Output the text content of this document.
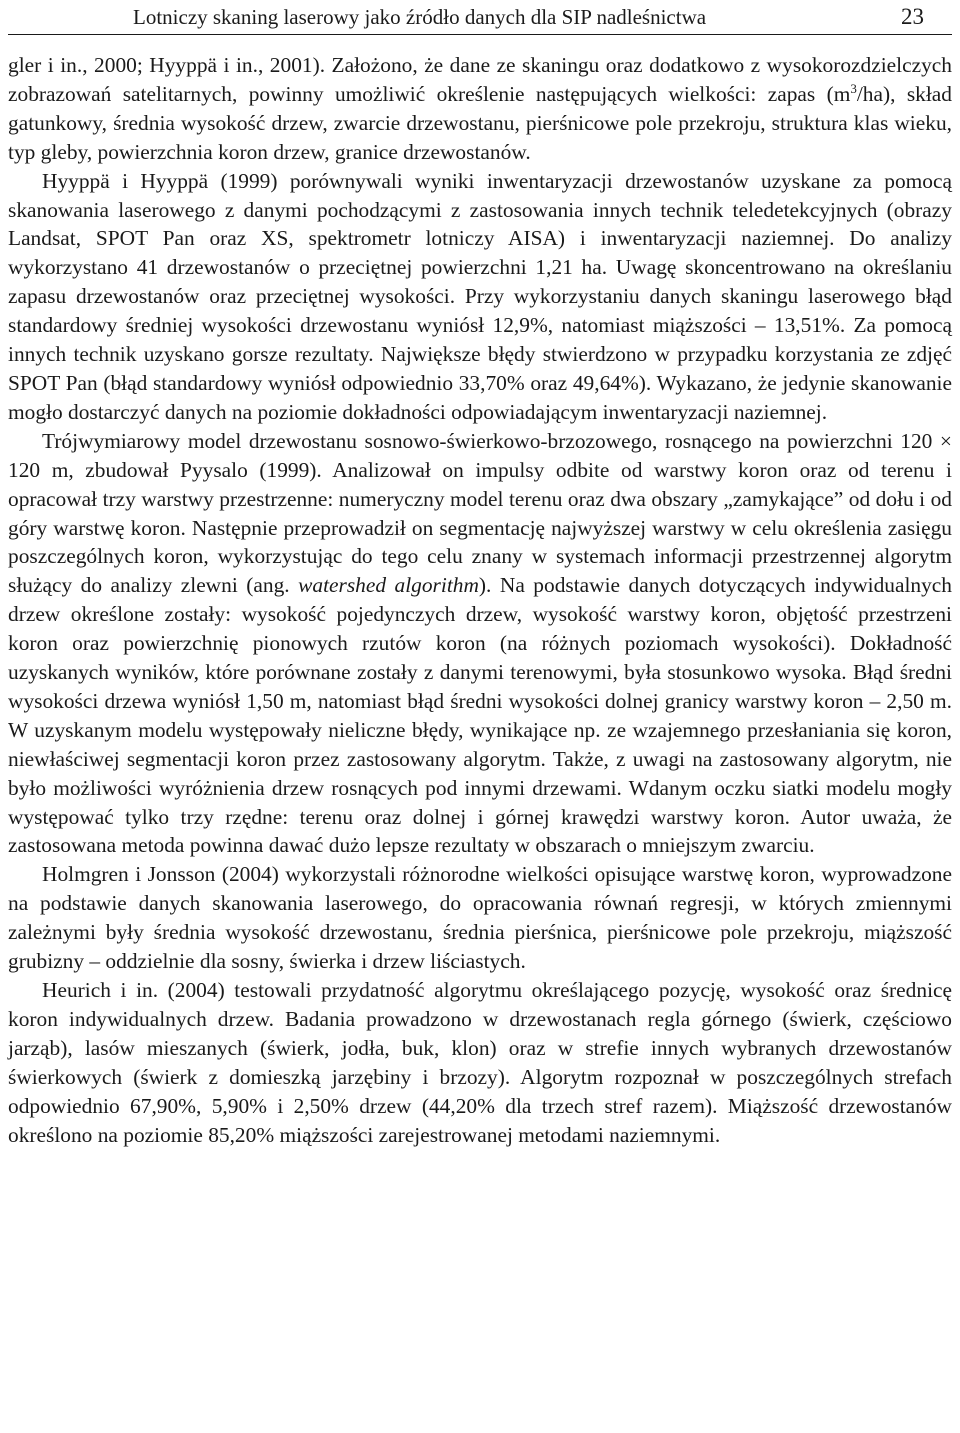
Lotniczy skaning laserowy jako źródło danych dla SIP nadleśnictwa	23

gler i in., 2000; Hyyppä i in., 2001). Założono, że dane ze skaningu oraz dodatkowo z wysokorozdzielczych zobrazowań satelitarnych, powinny umożliwić określenie następujących wielkości: zapas $(m^3/ha)$, skład gatunkowy, średnia wysokość drzew, zwarcie drzewostanu, pierśnicowe pole przekroju, struktura klas wieku, typ gleby, powierzchnia koron drzew, granice drzewostanów.

Hyyppä i Hyyppä (1999) porównywali wyniki inwentaryzacji drzewostanów uzyskane za pomocą skanowania laserowego z danymi pochodzącymi z zastosowania innych technik teledetekcyjnych (obrazy Landsat, SPOT Pan oraz XS, spektrometr lotniczy AISA) i inwentaryzacji naziemnej. Do analizy wykorzystano 41 drzewostanów o przeciętnej powierzchni 1,21 ha. Uwagę skoncentrowano na określaniu zapasu drzewostanów oraz przeciętnej wysokości. Przy wykorzystaniu danych skaningu laserowego błąd standardowy średniej wysokości drzewostanu wyniósł 12,9%, natomiast miąższości – 13,51%. Za pomocą innych technik uzyskano gorsze rezultaty. Największe błędy stwierdzono w przypadku korzystania ze zdjęć SPOT Pan (błąd standardowy wyniósł odpowiednio 33,70% oraz 49,64%). Wykazano, że jedynie skanowanie mogło dostarczyć danych na poziomie dokładności odpowiadającym inwentaryzacji naziemnej.

Trójwymiarowy model drzewostanu sosnowo-świerkowo-brzozowego, rosnącego na powierzchni 120 × 120 m, zbudował Pyysalo (1999). Analizował on impulsy odbite od warstwy koron oraz od terenu i opracował trzy warstwy przestrzenne: numeryczny model terenu oraz dwa obszary „zamykające” od dołu i od góry warstwę koron. Następnie przeprowadził on segmentację najwyższej warstwy w celu określenia zasięgu poszczególnych koron, wykorzystując do tego celu znany w systemach informacji przestrzennej algorytm służący do analizy zlewni (ang. watershed algorithm). Na podstawie danych dotyczących indywidualnych drzew określone zostały: wysokość pojedynczych drzew, wysokość warstwy koron, objętość przestrzeni koron oraz powierzchnię pionowych rzutów koron (na różnych poziomach wysokości). Dokładność uzyskanych wyników, które porównane zostały z danymi terenowymi, była stosunkowo wysoka. Błąd średni wysokości drzewa wyniósł 1,50 m, natomiast błąd średni wysokości dolnej granicy warstwy koron – 2,50 m. W uzyskanym modelu występowały nieliczne błędy, wynikające np. ze wzajemnego przesłaniania się koron, niewłaściwej segmentacji koron przez zastosowany algorytm. Także, z uwagi na zastosowany algorytm, nie było możliwości wyróżnienia drzew rosnących pod innymi drzewami. Wdanym oczku siatki modelu mogły występować tylko trzy rzędne: terenu oraz dolnej i górnej krawędzi warstwy koron. Autor uważa, że zastosowana metoda powinna dawać dużo lepsze rezultaty w obszarach o mniejszym zwarciu.

Holmgren i Jonsson (2004) wykorzystali różnorodne wielkości opisujące warstwę koron, wyprowadzone na podstawie danych skanowania laserowego, do opracowania równań regresji, w których zmiennymi zależnymi były średnia wysokość drzewostanu, średnia pierśnica, pierśnicowe pole przekroju, miąższość grubizny – oddzielnie dla sosny, świerka i drzew liściastych.

Heurich i in. (2004) testowali przydatność algorytmu określającego pozycję, wysokość oraz średnicę koron indywidualnych drzew. Badania prowadzono w drzewostanach regla górnego (świerk, częściowo jarząb), lasów mieszanych (świerk, jodła, buk, klon) oraz w strefie innych wybranych drzewostanów świerkowych (świerk z domieszką jarzębiny i brzozy). Algorytm rozpoznał w poszczególnych strefach odpowiednio 67,90%, 5,90% i 2,50% drzew (44,20% dla trzech stref razem). Miąższość drzewostanów określono na poziomie 85,20% miąższości zarejestrowanej metodami naziemnymi.
